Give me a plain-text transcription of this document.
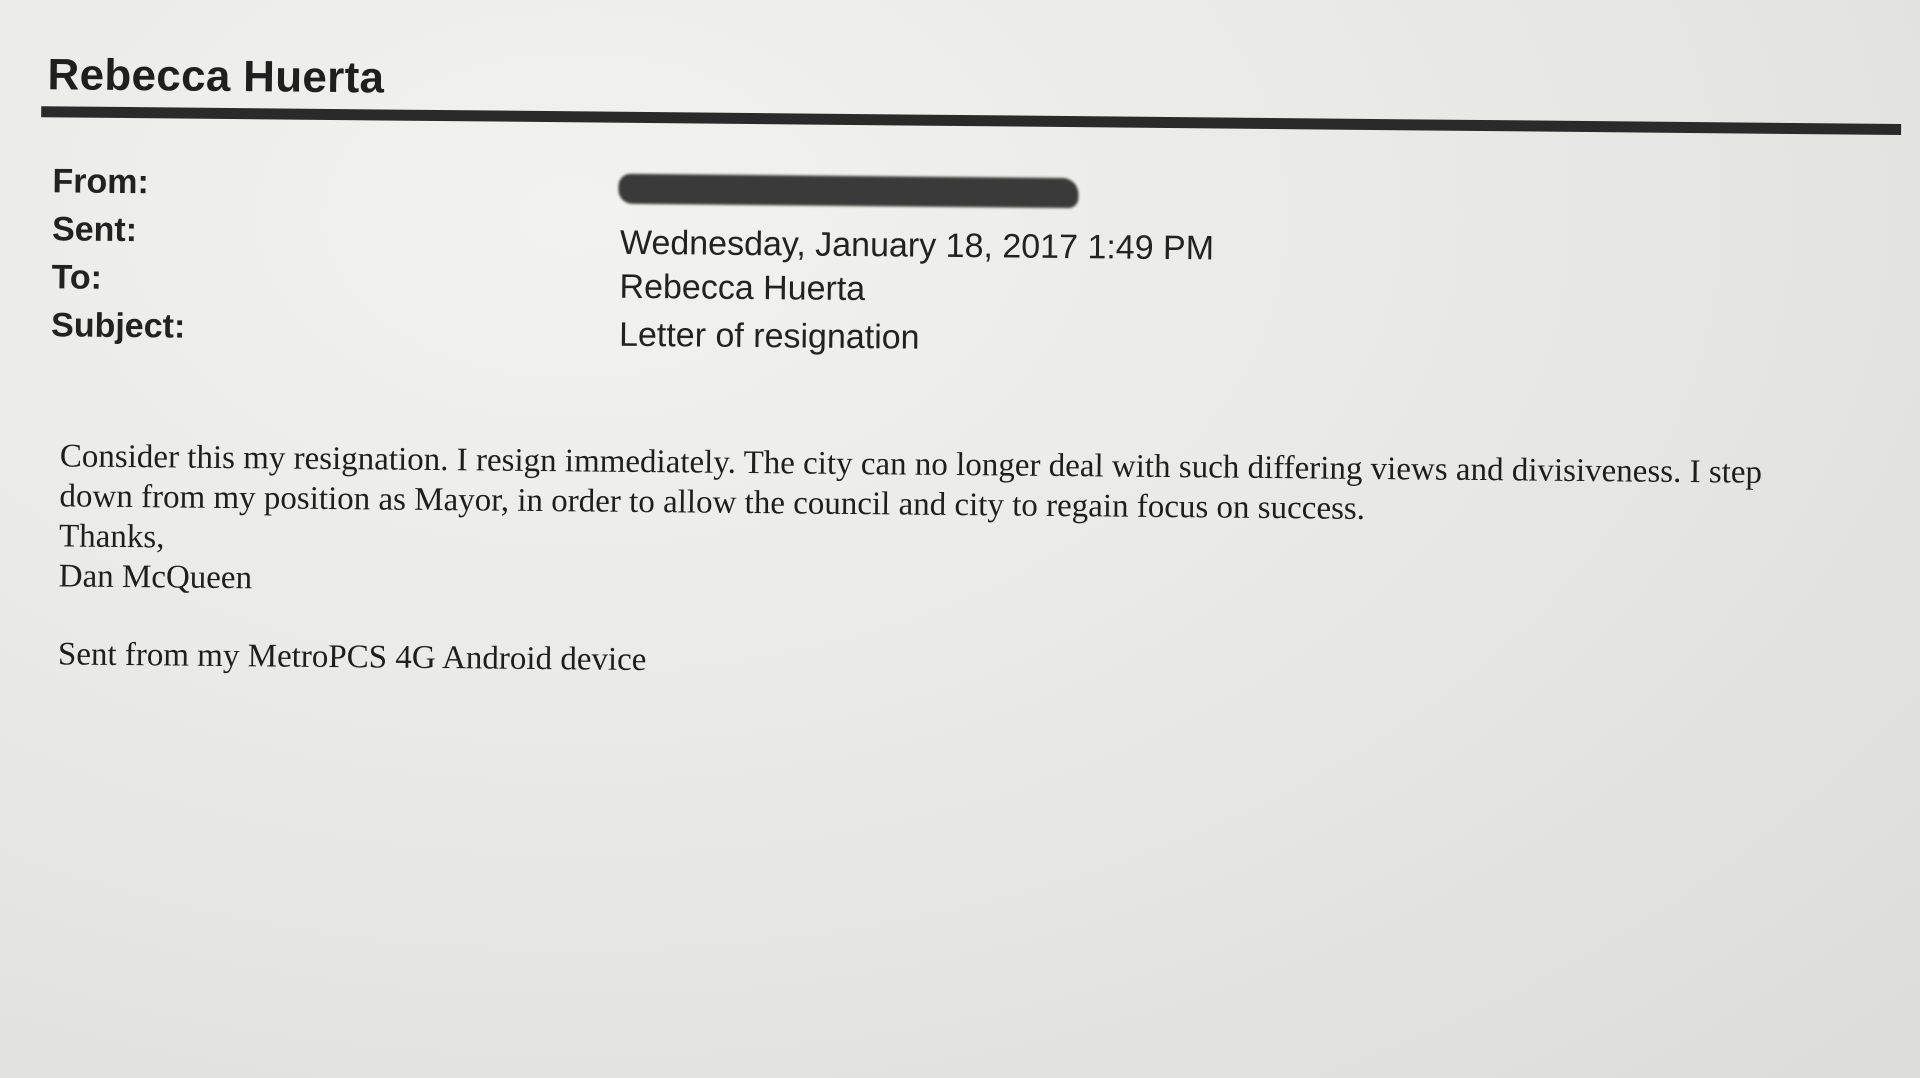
Rebecca Huerta
From:
Sent:	Wednesday, January 18, 2017 1:49 PM
To:	Rebecca Huerta
Subject:	Letter of resignation
Consider this my resignation. I resign immediately. The city can no longer deal with such differing views and divisiveness. I step
down from my position as Mayor, in order to allow the council and city to regain focus on success.
Thanks,
Dan McQueen
Sent from my MetroPCS 4G Android device
